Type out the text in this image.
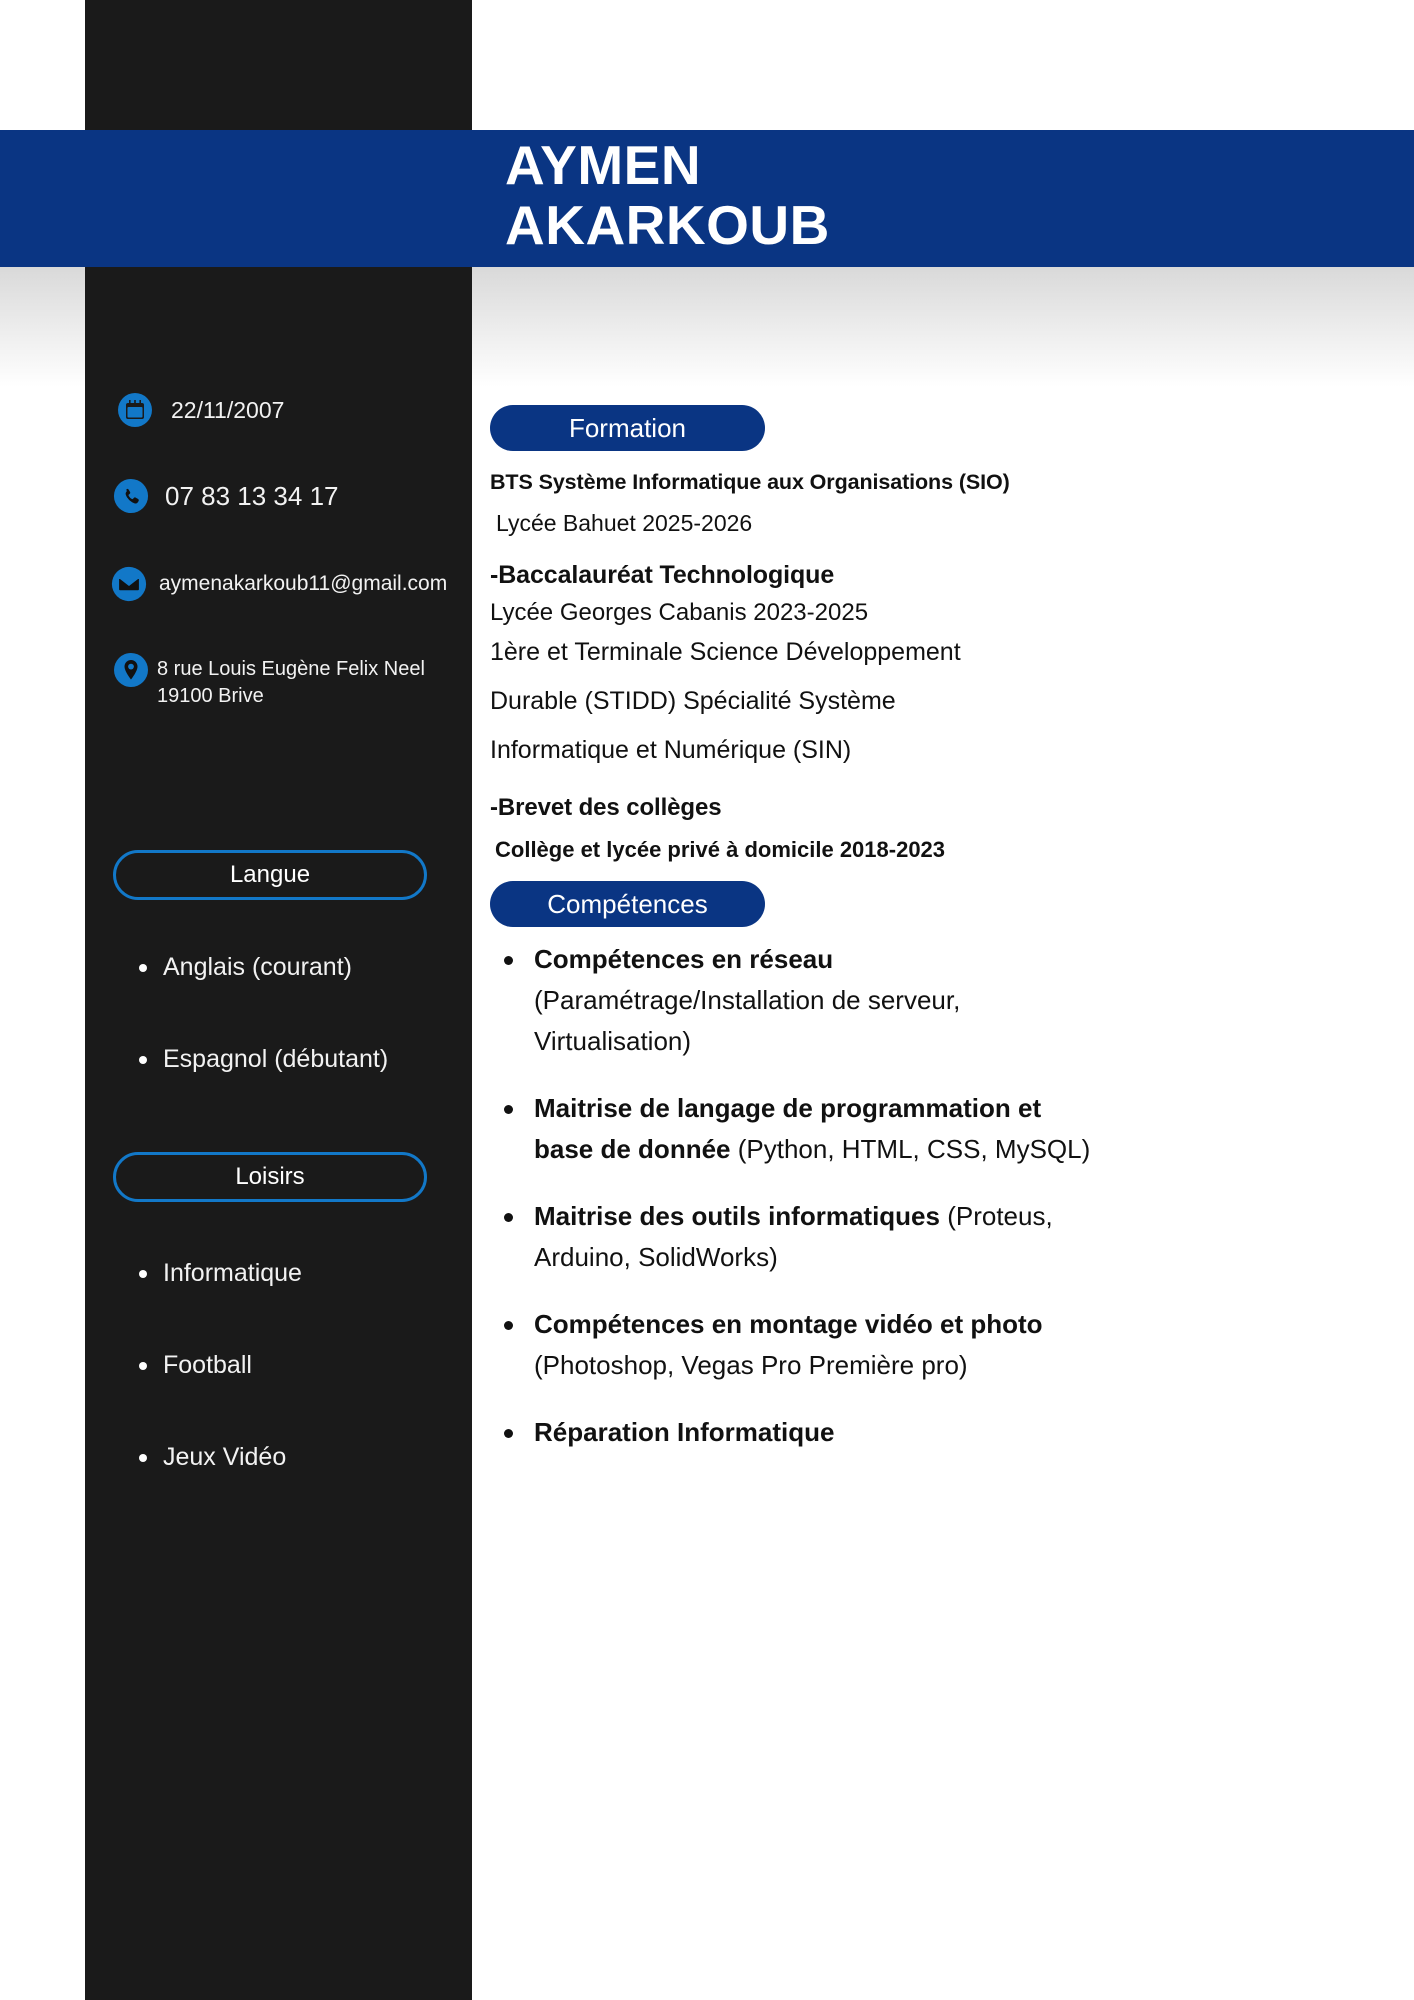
AYMEN
AKARKOUB
22/11/2007
07 83 13 34 17
aymenakarkoub11@gmail.com
8 rue Louis Eugène Felix Neel
19100 Brive
Langue
Anglais (courant)
Espagnol (débutant)
Loisirs
Informatique
Football
Jeux Vidéo
Formation
BTS Système Informatique aux Organisations (SIO)
Lycée Bahuet 2025-2026
-Baccalauréat Technologique
Lycée Georges Cabanis 2023-2025
1ère et Terminale Science Développement
Durable (STIDD) Spécialité Système
Informatique et Numérique (SIN)
-Brevet des collèges
Collège et lycée privé à domicile 2018-2023
Compétences
Compétences en réseau (Paramétrage/Installation de serveur, Virtualisation)
Maitrise de langage de programmation et base de donnée (Python, HTML, CSS, MySQL)
Maitrise des outils informatiques (Proteus, Arduino, SolidWorks)
Compétences en montage vidéo et photo (Photoshop, Vegas Pro Première pro)
Réparation Informatique
